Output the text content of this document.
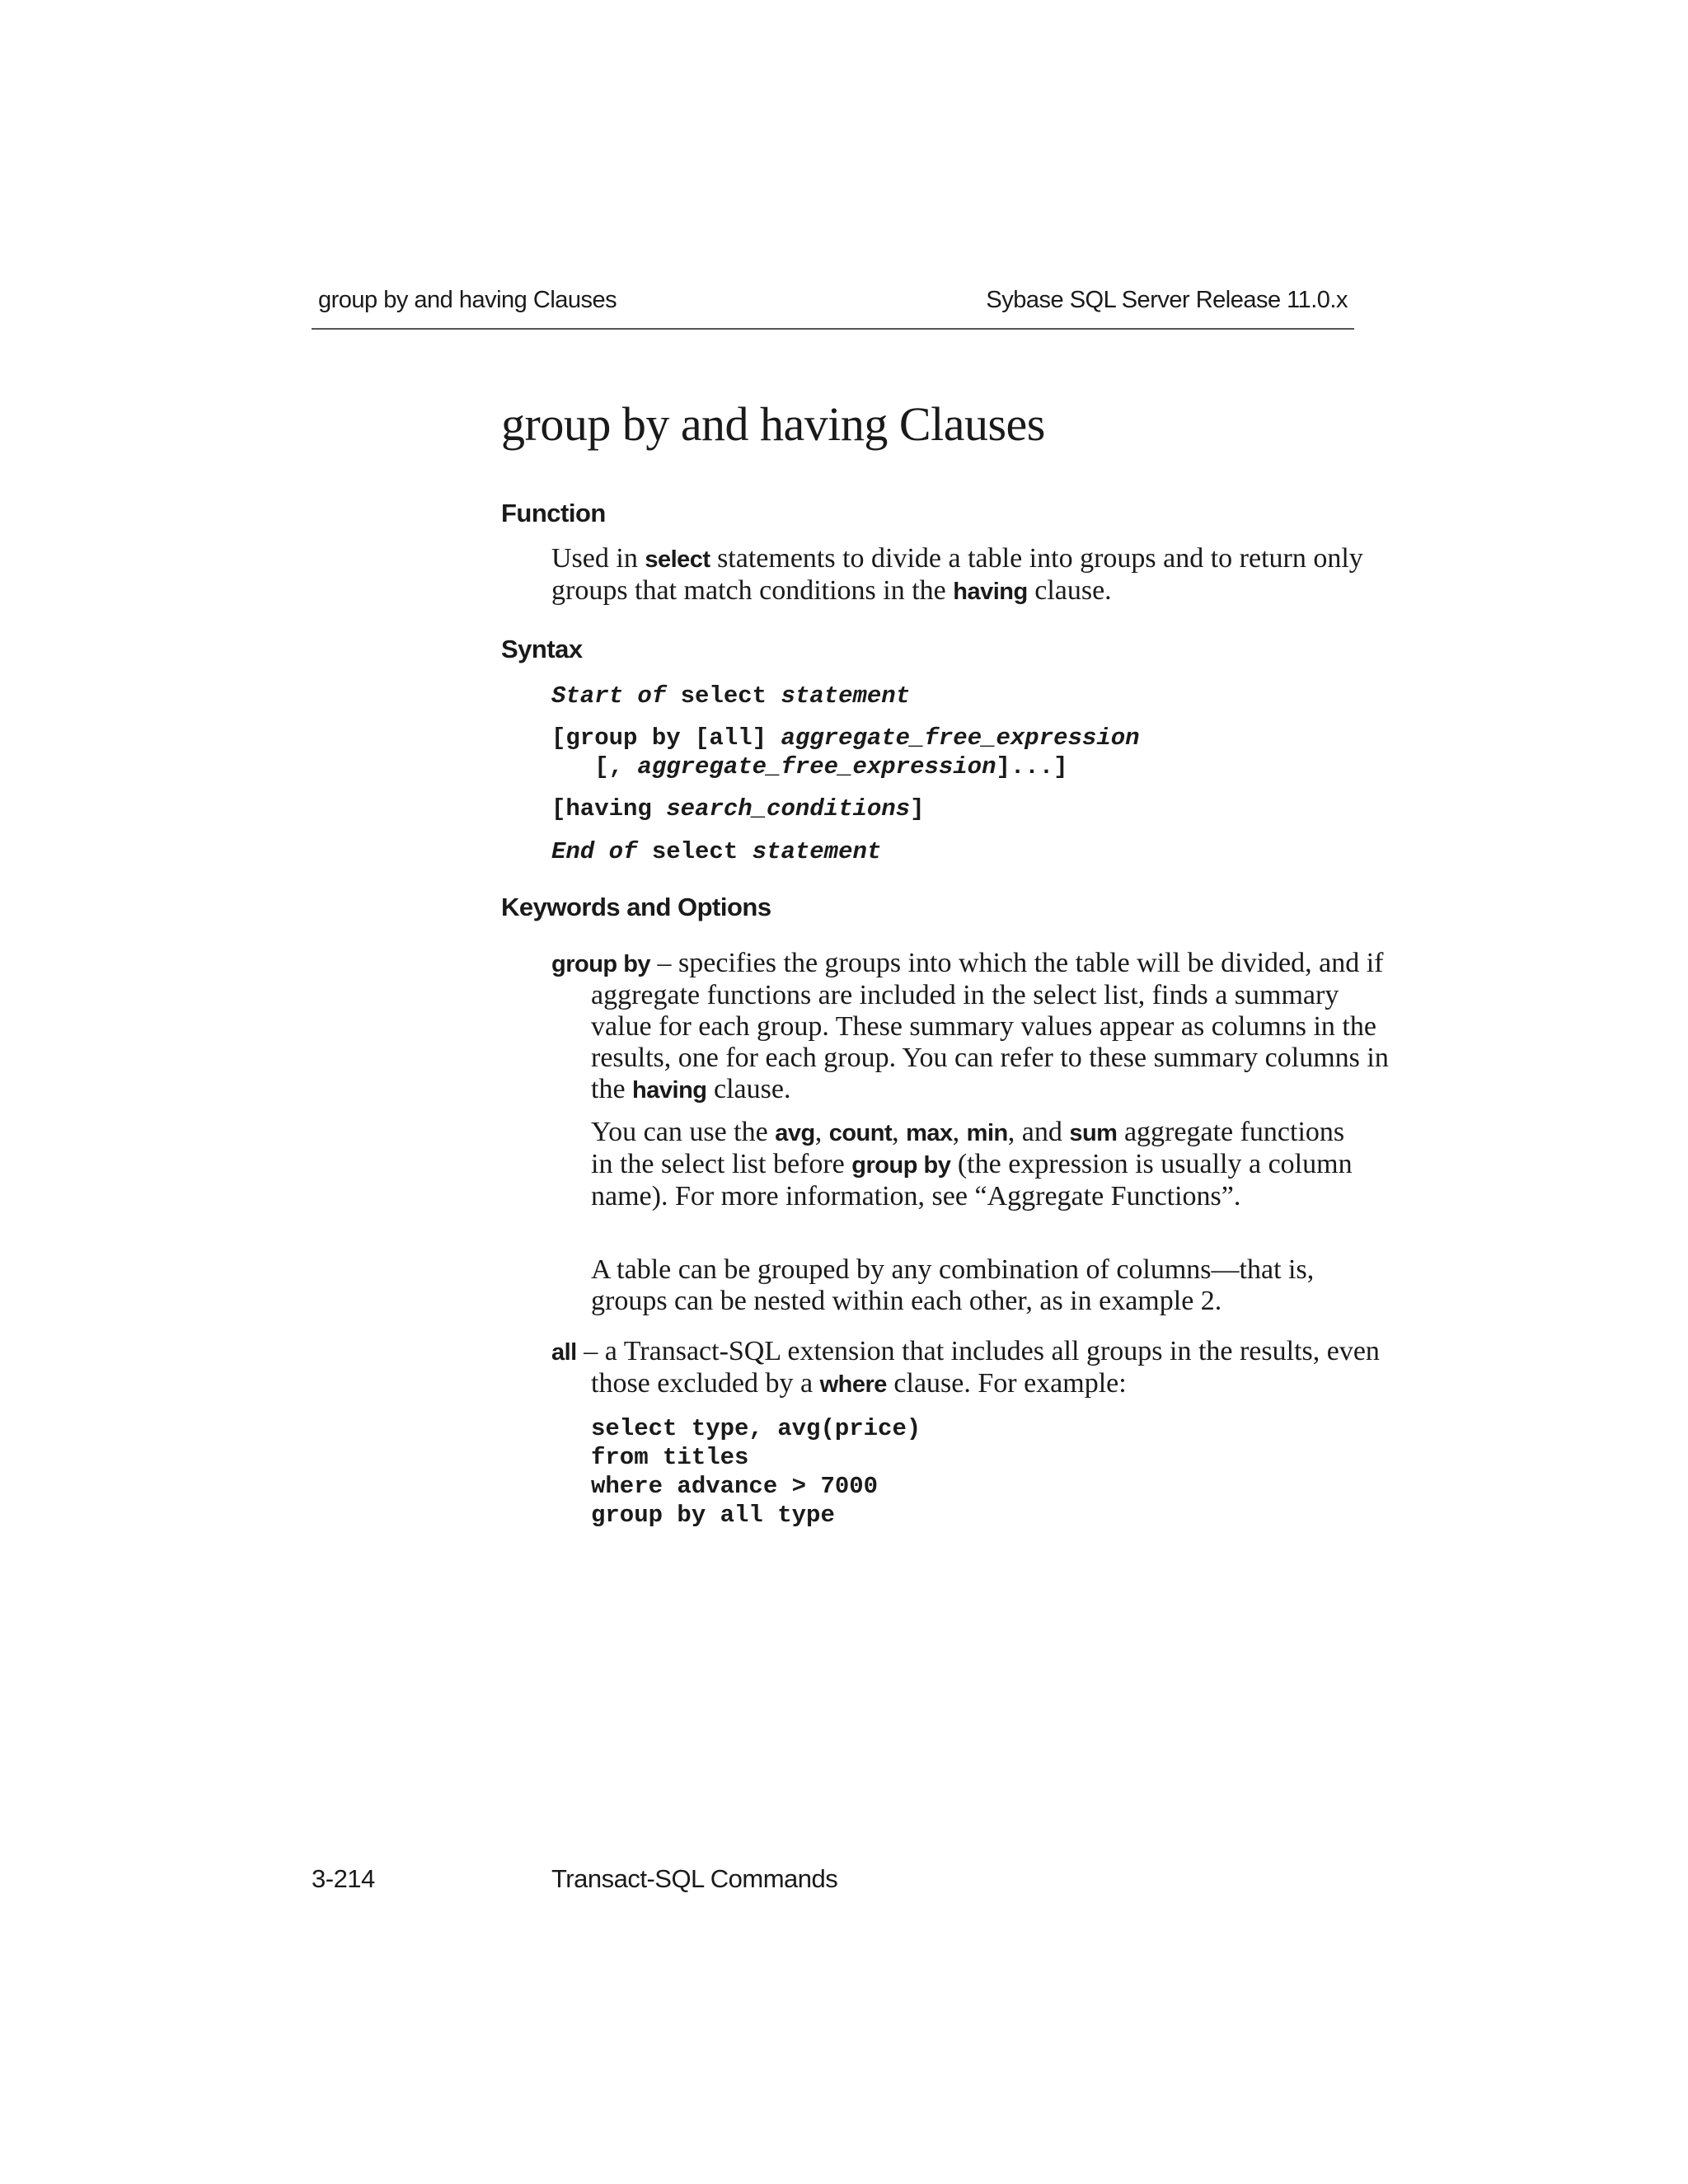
group by and having Clauses	Sybase SQL Server Release 11.0.x
group by and having Clauses
Function
Used in select statements to divide a table into groups and to return only groups that match conditions in the having clause.
Syntax
Start of select statement
[group by [all] aggregate_free_expression
[, aggregate_free_expression]...]
[having search_conditions]
End of select statement
Keywords and Options
group by – specifies the groups into which the table will be divided, and if aggregate functions are included in the select list, finds a summary value for each group. These summary values appear as columns in the results, one for each group. You can refer to these summary columns in the having clause.
You can use the avg, count, max, min, and sum aggregate functions in the select list before group by (the expression is usually a column name). For more information, see “Aggregate Functions”.
A table can be grouped by any combination of columns—that is, groups can be nested within each other, as in example 2.
all – a Transact-SQL extension that includes all groups in the results, even those excluded by a where clause. For example:
select type, avg(price)
from titles
where advance > 7000
group by all type
3-214	Transact-SQL Commands
